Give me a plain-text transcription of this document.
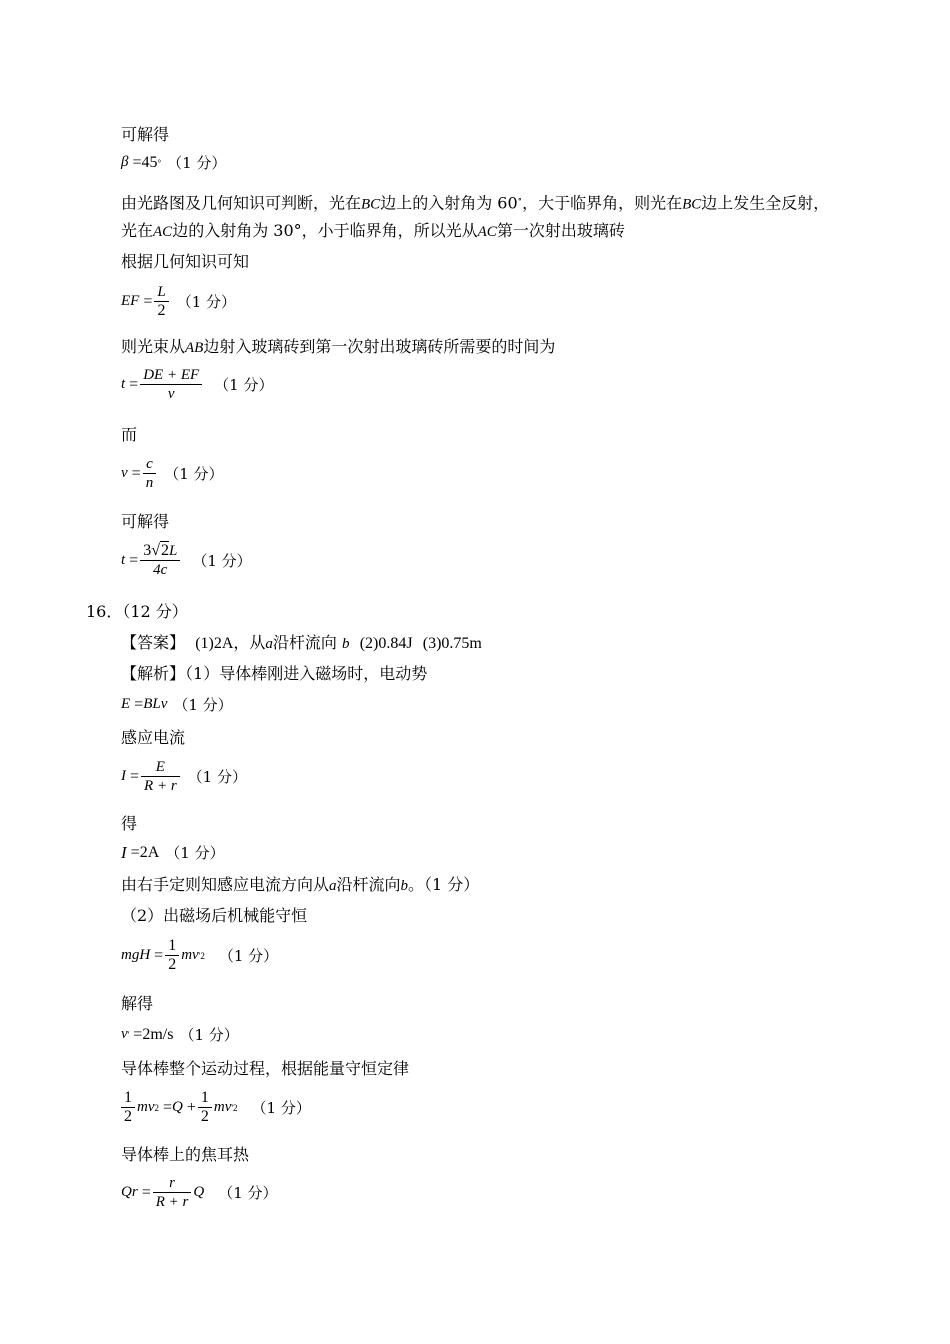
可解得
β = 45 ° （1 分）
由光路图及几何知识可判断，光在BC边上的入射角为 60∘，大于临界角，则光在BC边上发生全反射，
光在AC边的入射角为 30°，小于临界角，所以光从AC第一次射出玻璃砖
根据几何知识可知
EF = $\frac{L}{2} (1$ 分）
则光束从AB边射入玻璃砖到第一次射出玻璃砖所需要的时间为
$t = \frac{DE + EF}{v} (1$ 分）
而
$v = \frac{c}{n} (1$ 分）
可解得
$t = \frac{3√2L}{4c} (1$ 分）
16．（12 分）
【答案】 (1)2A，从a沿杆流向 b (2)0.84J (3)0.75m
【解析】（1）导体棒刚进入磁场时，电动势
E = BLv （1 分）
感应电流
$I = \frac{E}{R + r} (1$ 分）
得
I = 2A （1 分）
由右手定则知感应电流方向从a沿杆流向b。（1 分）
（2）出磁场后机械能守恒
mgH = $\frac{1}{2}$ mv '2 （1 分）
解得
v ' = 2m/s （1 分）
导体棒整个运动过程，根据能量守恒定律
$\frac{1}{2}$ mv $2 = Q + \frac{1}{2}$ mv '2 （1 分）
导体棒上的焦耳热
Q $r = \frac{r}{R + r}$ Q （1 分）
